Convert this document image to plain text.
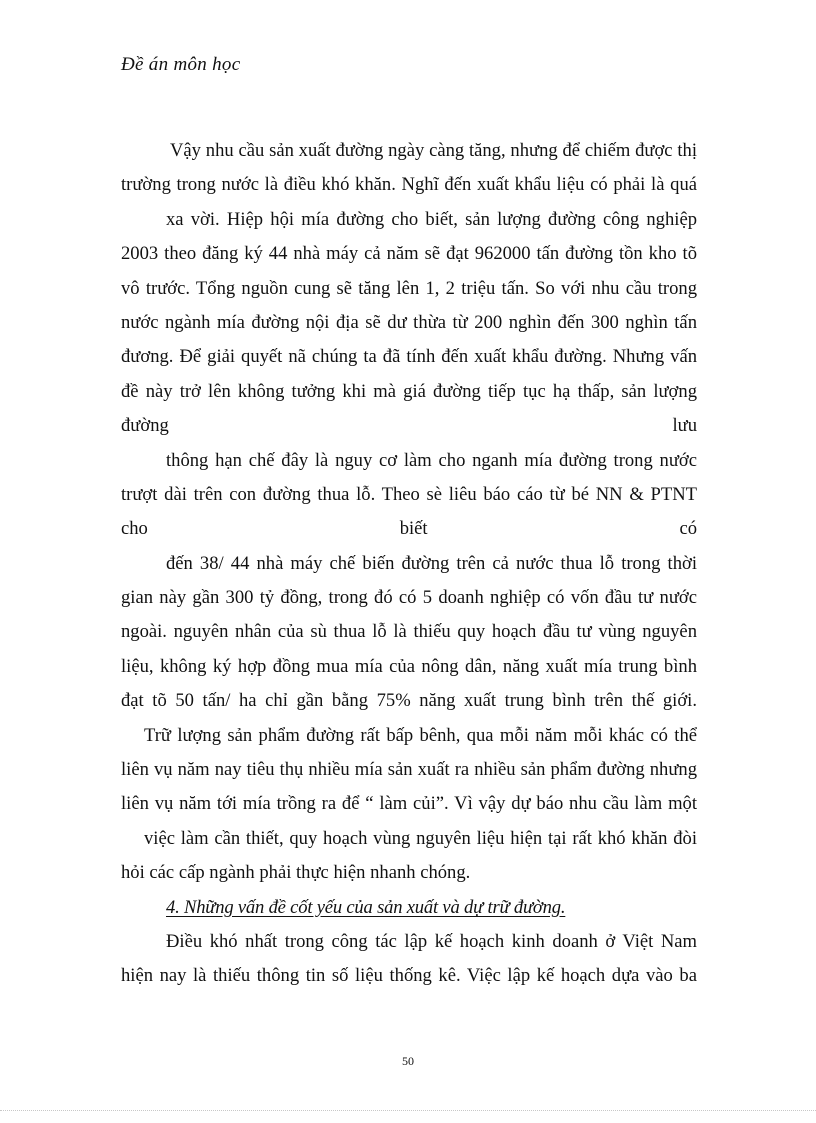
Đề án môn học
Vậy nhu cầu sản xuất đường ngày càng tăng, nhưng để chiếm được thị
trường trong nước là điều khó khăn. Nghĩ đến xuất khẩu liệu có phải là quá
xa vời. Hiệp hội mía đường cho biết, sản lượng đường công nghiệp
2003 theo đăng ký 44 nhà máy cả năm sẽ đạt 962000 tấn đường tồn kho tõ
vô trước. Tổng nguồn cung sẽ tăng lên 1, 2 triệu tấn. So với nhu cầu trong
nước ngành mía đường nội địa sẽ dư thừa từ 200 nghìn đến 300 nghìn tấn
đương. Để giải quyết nã chúng ta đã tính đến xuất khẩu đường. Nhưng vấn
đề này trở lên không tưởng khi mà giá đường tiếp tục hạ thấp, sản lượng
đường	lưu
thông hạn chế đây là nguy cơ làm cho nganh mía đường trong nước
trượt dài trên con đường thua lỗ. Theo sè liêu báo cáo từ bé NN & PTNT
cho	biết	có
đến 38/ 44 nhà máy chế biến đường trên cả nước thua lỗ trong thời
gian này gần 300 tỷ đồng, trong đó có 5 doanh nghiệp có vốn đầu tư nước
ngoài. nguyên nhân của sù thua lỗ là thiếu quy hoạch đầu tư vùng nguyên
liệu, không ký hợp đồng mua mía của nông dân, năng xuất mía trung bình
đạt tõ 50 tấn/ ha chỉ gần bằng 75% năng xuất trung bình trên thế giới.
Trữ lượng sản phẩm đường rất bấp bênh, qua mỗi năm mỗi khác có thể
liên vụ năm nay tiêu thụ nhiều mía sản xuất ra nhiều sản phẩm đường nhưng
liên vụ năm tới mía trồng ra để “ làm củi”. Vì vậy dự báo nhu cầu làm một
việc làm cần thiết, quy hoạch vùng nguyên liệu hiện tại rất khó khăn đòi
hỏi các cấp ngành phải thực hiện nhanh chóng.
4. Những vấn đề cốt yếu của sản xuất và dự trữ đường.
Điều khó nhất trong công tác lập kế hoạch kinh doanh ở Việt Nam
hiện nay là thiếu thông tin số liệu thống kê. Việc lập kế hoạch dựa vào ba
50
